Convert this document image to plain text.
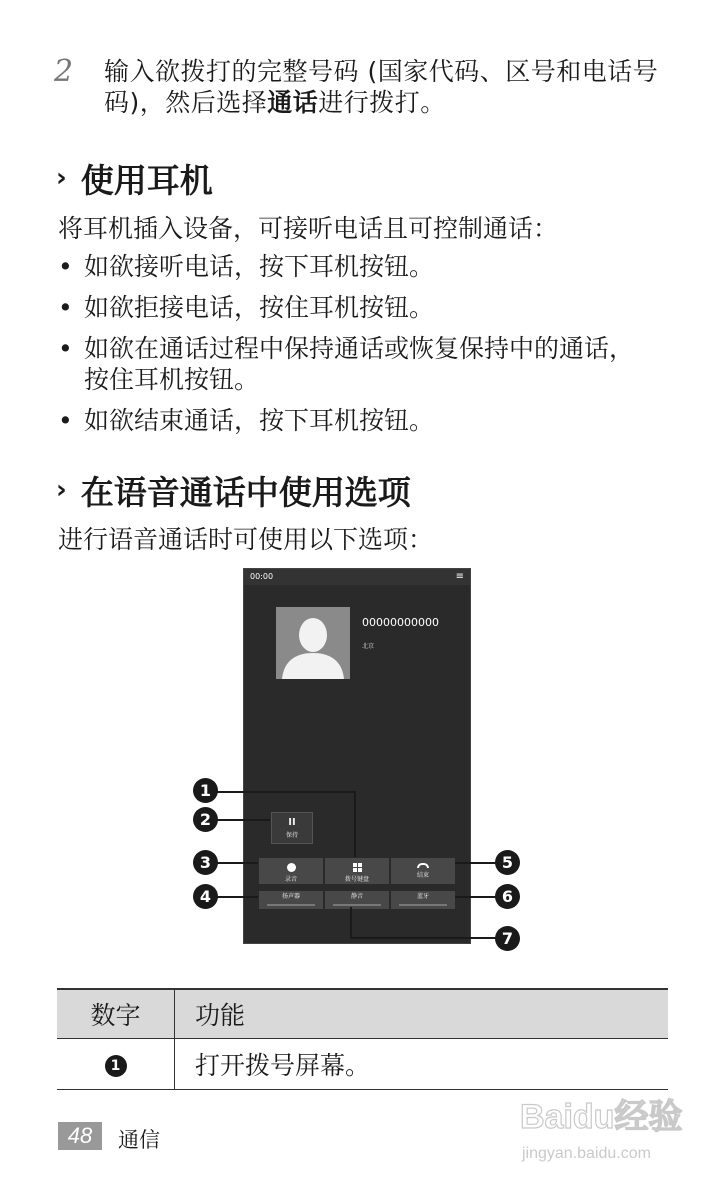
2 输入欲拨打的完整号码 (国家代码、区号和电话号码)，然后选择通话进行拨打。
› 使用耳机
将耳机插入设备，可接听电话且可控制通话：
• 如欲接听电话，按下耳机按钮。
• 如欲拒接电话，按住耳机按钮。
• 如欲在通话过程中保持通话或恢复保持中的通话，按住耳机按钮。
• 如欲结束通话，按下耳机按钮。
› 在语音通话中使用选项
进行语音通话时可使用以下选项：
00:00	≡
00000000000
北京
II
保持
录音	拨号键盘
结束
扬声器	静音	蓝牙
1
2
3
4
5
6
7
数字	功能
1	打开拨号屏幕。
48	通信
Baidu经验
jingyan.baidu.com
